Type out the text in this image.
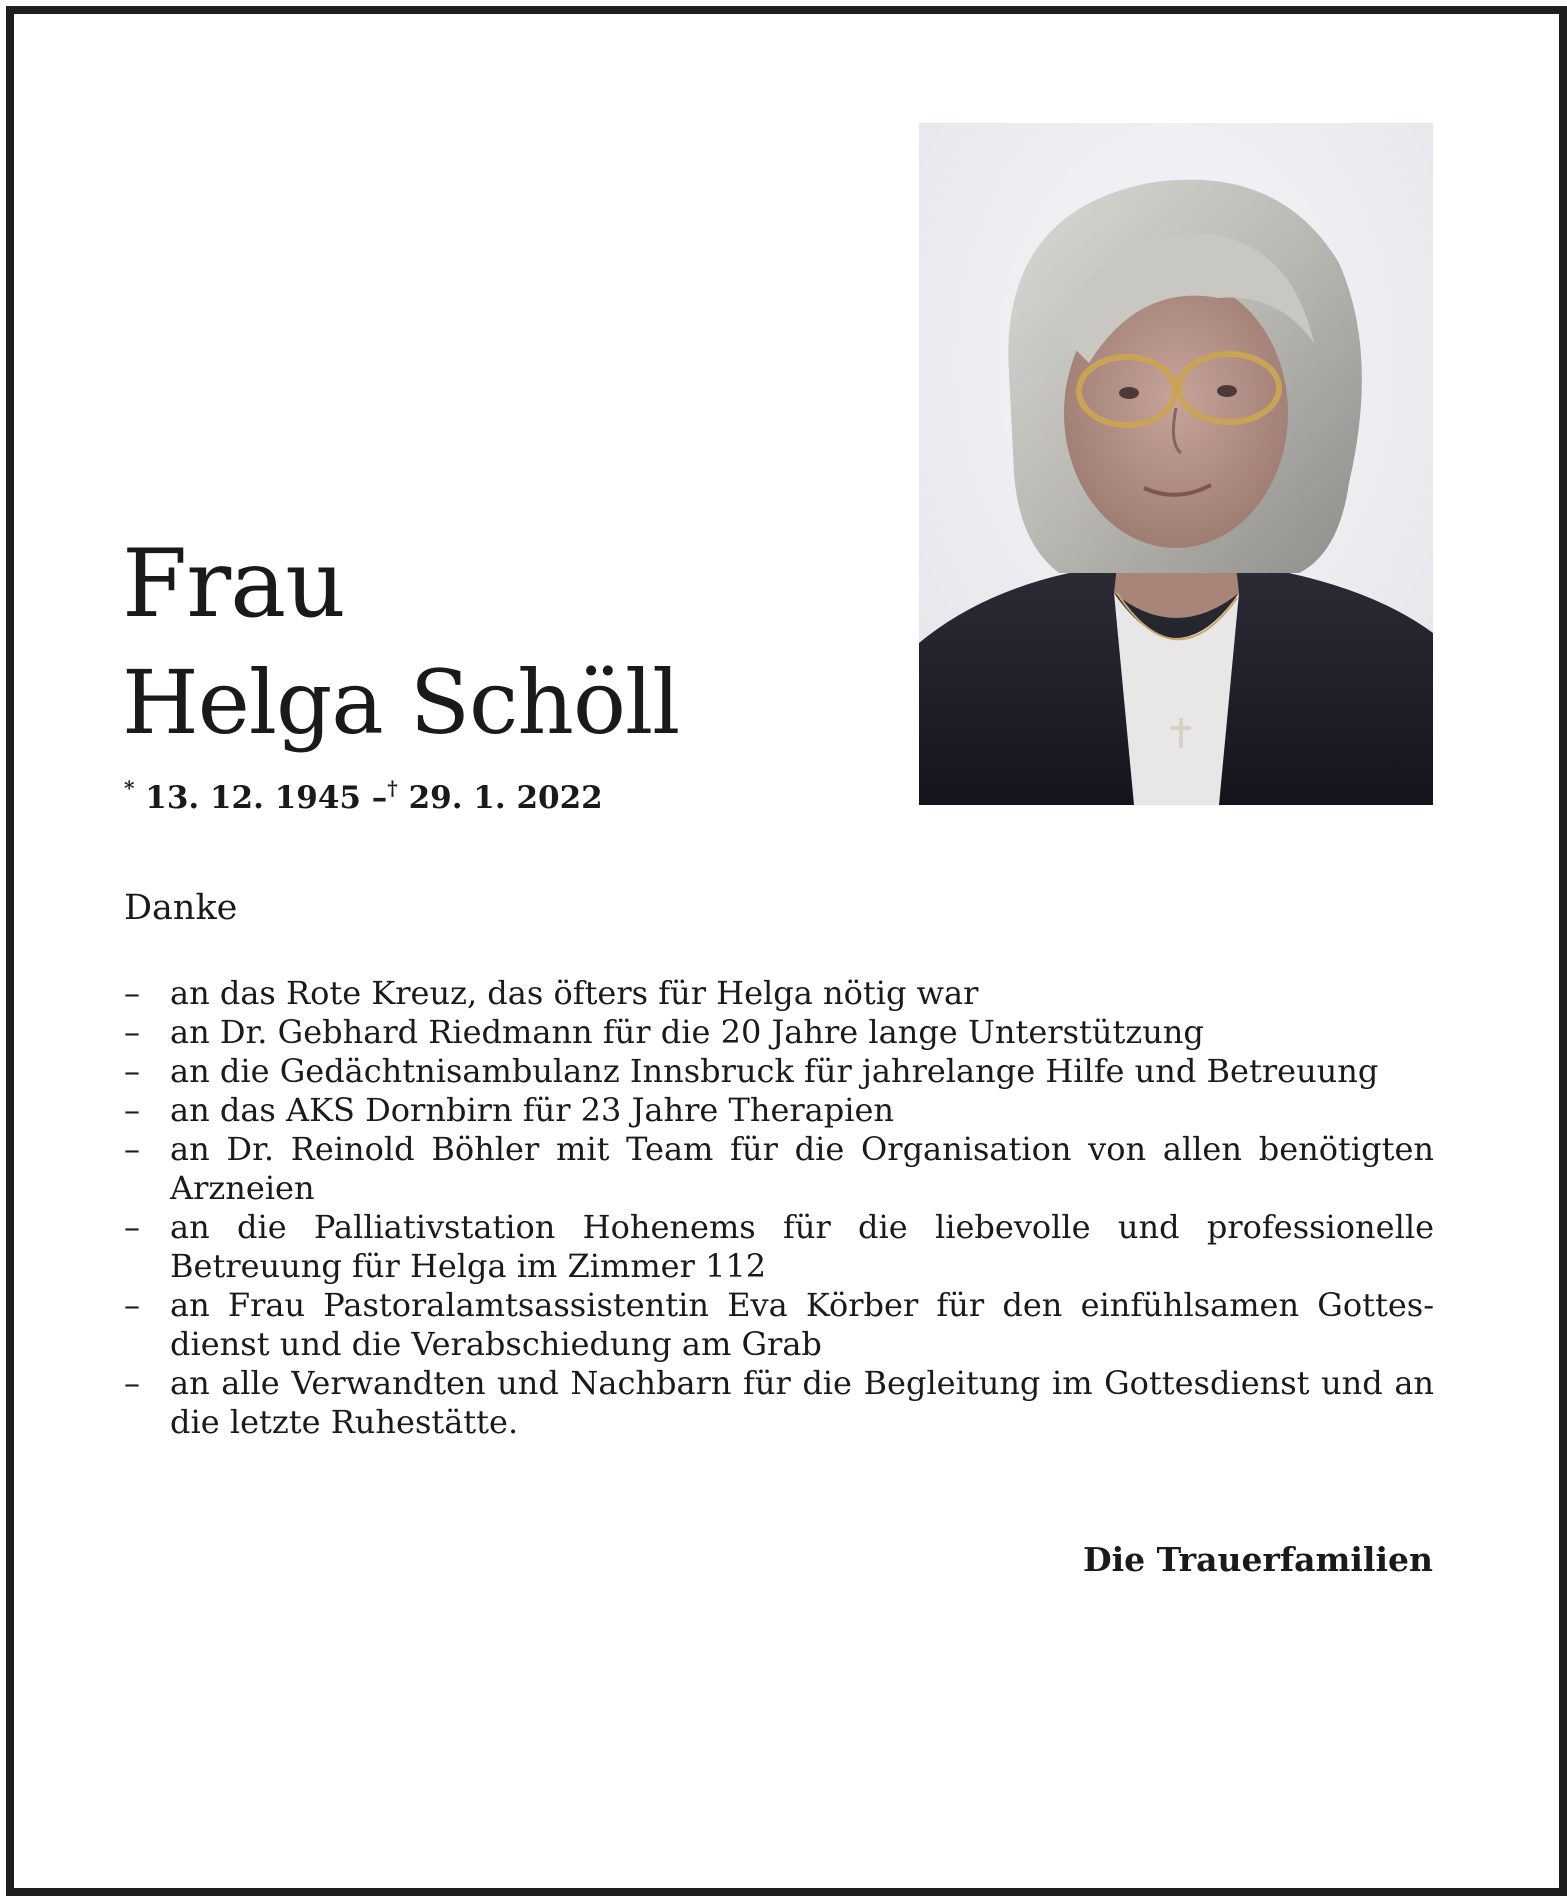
Frau
Helga Schöll
* 13. 12. 1945 –† 29. 1. 2022
Danke
– an das Rote Kreuz, das öfters für Helga nötig war
– an Dr. Gebhard Riedmann für die 20 Jahre lange Unterstützung
– an die Gedächtnisambulanz Innsbruck für jahrelange Hilfe und Betreuung
– an das AKS Dornbirn für 23 Jahre Therapien
– an Dr. Reinold Böhler mit Team für die Organisation von allen benötigten Arzneien
– an die Palliativstation Hohenems für die liebevolle und professionelle Betreuung für Helga im Zimmer 112
– an Frau Pastoralamtsassistentin Eva Körber für den einfühlsamen Gottesdienst und die Verabschiedung am Grab
– an alle Verwandten und Nachbarn für die Begleitung im Gottesdienst und an die letzte Ruhestätte.
Die Trauerfamilien
